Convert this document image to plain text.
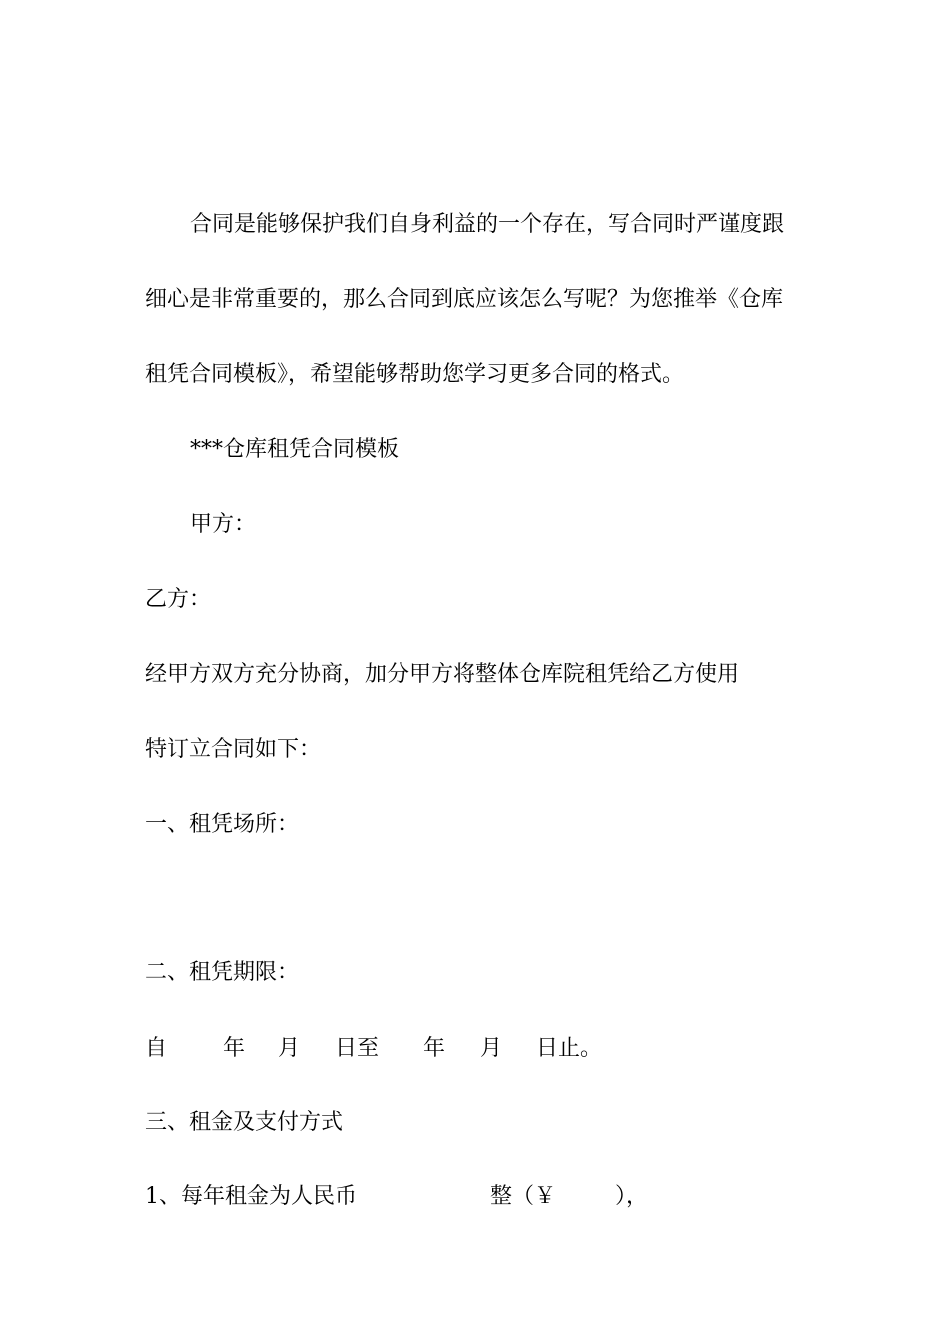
合同是能够保护我们自身利益的一个存在，写合同时严谨度跟

细心是非常重要的，那么合同到底应该怎么写呢？为您推举《仓库

租凭合同模板》，希望能够帮助您学习更多合同的格式。

***仓库租凭合同模板

甲方：

乙方：

经甲方双方充分协商，加分甲方将整体仓库院租凭给乙方使用

特订立合同如下：

一、租凭场所：

二、租凭期限：

自

	年

月

日至

年

月

日止。

三、租金及支付方式

1、每年租金为人民币

	整（￥

	），
